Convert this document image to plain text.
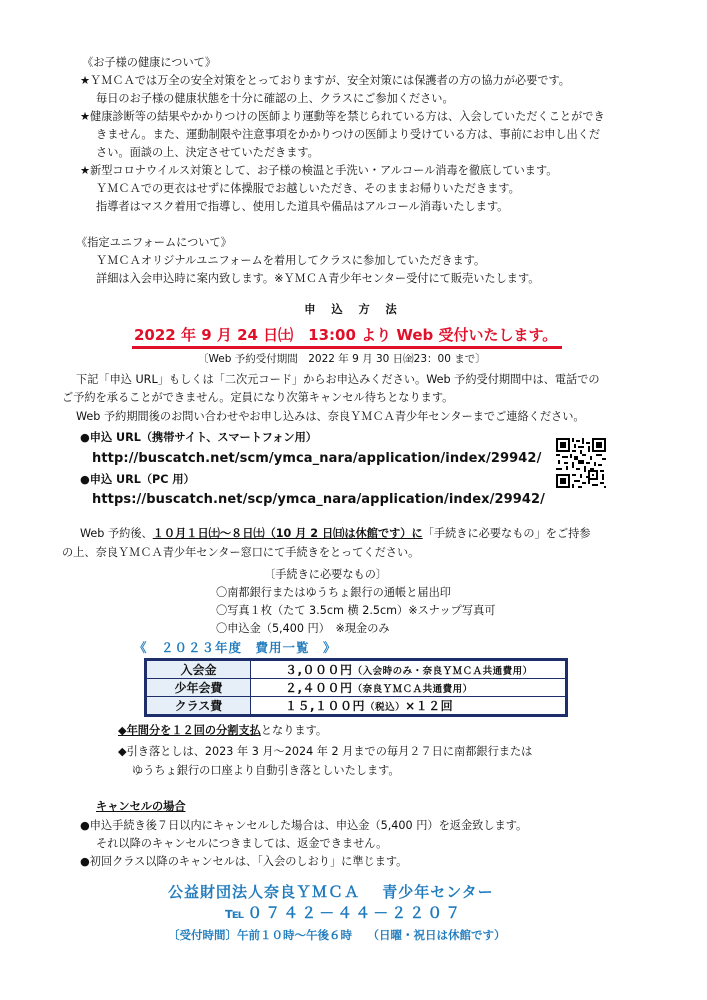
《お子様の健康について》
★ＹＭＣＡでは万全の安全対策をとっておりますが、安全対策には保護者の方の協力が必要です。
毎日のお子様の健康状態を十分に確認の上、クラスにご参加ください。
★健康診断等の結果やかかりつけの医師より運動等を禁じられている方は、入会していただくことができ
きません。また、運動制限や注意事項をかかりつけの医師より受けている方は、事前にお申し出くだ
さい。面談の上、決定させていただきます。
★新型コロナウイルス対策として、お子様の検温と手洗い・アルコール消毒を徹底しています。
ＹＭＣＡでの更衣はせずに体操服でお越しいただき、そのままお帰りいただきます。
指導者はマスク着用で指導し、使用した道具や備品はアルコール消毒いたします。
《指定ユニフォームについて》
ＹＭＣＡオリジナルユニフォームを着用してクラスに参加していただきます。
詳細は入会申込時に案内致します。※ＹＭＣＡ青少年センター受付にて販売いたします。
申 込 方 法
2022 年 9 月 24 日㈯　13:00 より Web 受付いたします。
〔Web 予約受付期間　2022 年 9 月 30 日㈮23：00 まで〕
下記「申込 URL」もしくは「二次元コード」からお申込みください。Web 予約受付期間中は、電話での
ご予約を承ることができません。定員になり次第キャンセル待ちとなります。
Web 予約期間後のお問い合わせやお申し込みは、奈良ＹＭＣＡ青少年センターまでご連絡ください。
●申込 URL（携帯サイト、スマートフォン用）
http://buscatch.net/scm/ymca_nara/application/index/29942/
●申込 URL（PC 用）
https://buscatch.net/scp/ymca_nara/application/index/29942/
Web 予約後、１０月１日㈯～８日㈯（10 月 2 日㈰は休館です）に「手続きに必要なもの」をご持参
の上、奈良ＹＭＣＡ青少年センター窓口にて手続きをとってください。
〔手続きに必要なもの〕
〇南都銀行またはゆうちょ銀行の通帳と届出印
〇写真１枚（たて 3.5cm 横 2.5cm）※スナップ写真可
〇申込金（5,400 円）　※現金のみ
《　２０２３年度　費用一覧　》
入会金	３,０００円（入会時のみ・奈良ＹＭＣＡ共通費用）
少年会費	２,４００円（奈良ＹＭＣＡ共通費用）
クラス費	１５,１００円（税込）×１２回
◆年間分を１２回の分割支払となります。
◆引き落としは、2023 年 3 月～2024 年 2 月までの毎月２７日に南都銀行または
ゆうちょ銀行の口座より自動引き落としいたします。
キャンセルの場合
●申込手続き後７日以内にキャンセルした場合は、申込金（5,400 円）を返金致します。
それ以降のキャンセルにつきましては、返金できません。
●初回クラス以降のキャンセルは、「入会のしおり」に準じます。
公益財団法人奈良ＹＭＣＡ　 青少年センター
℡０７４２－４４－２２０７
〔受付時間〕午前１０時～午後６時　 （日曜・祝日は休館です）
